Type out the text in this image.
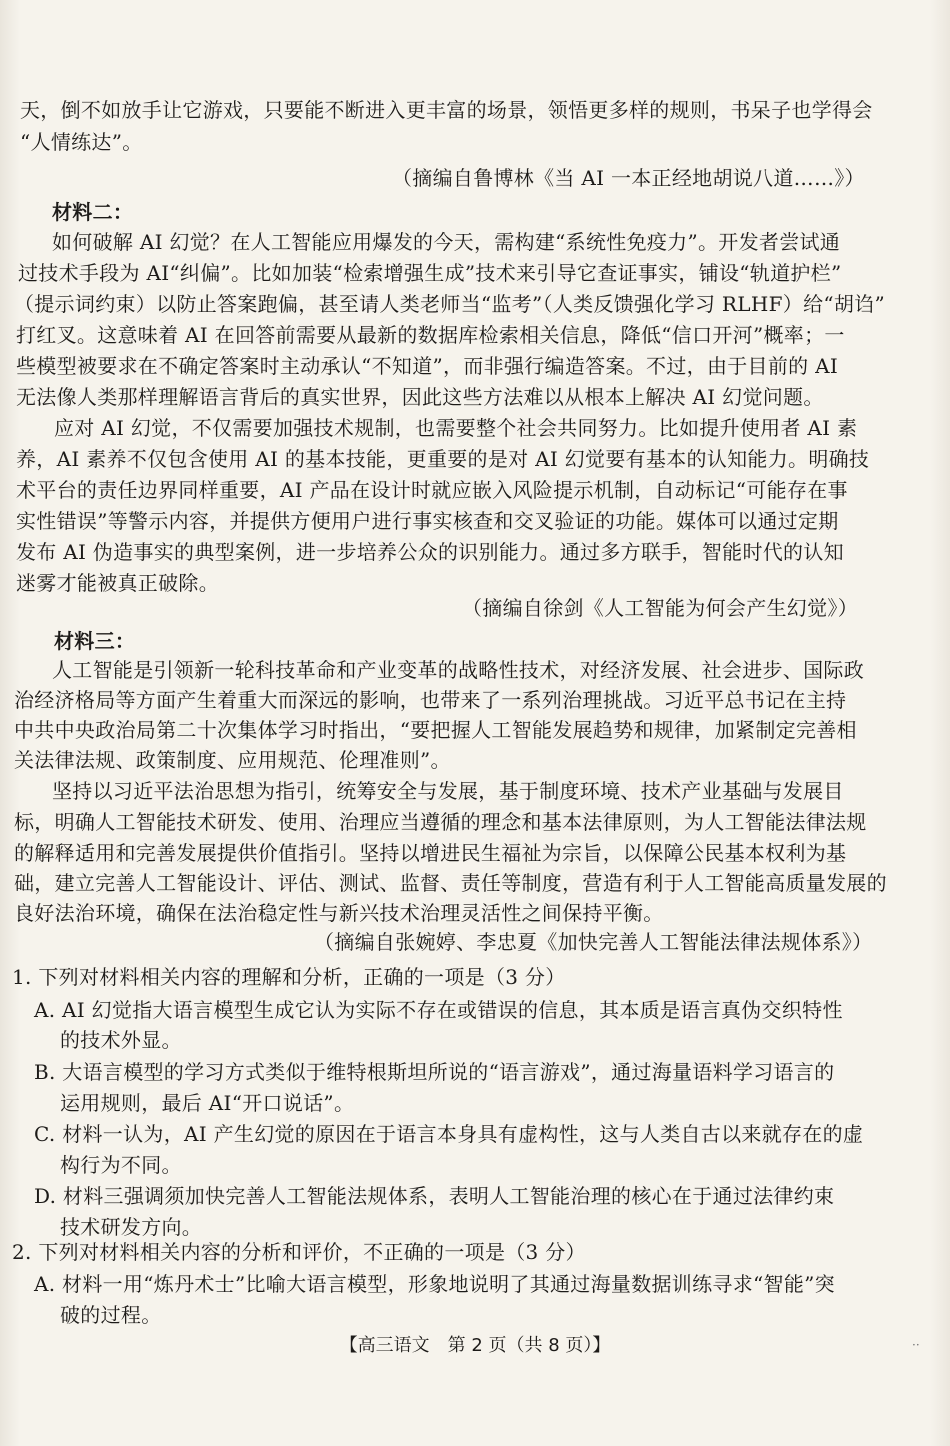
天，倒不如放手让它游戏，只要能不断进入更丰富的场景，领悟更多样的规则，书呆子也学得会
“人情练达”。
（摘编自鲁博林《当 AI 一本正经地胡说八道……》）
材料二：
如何破解 AI 幻觉？在人工智能应用爆发的今天，需构建“系统性免疫力”。开发者尝试通
过技术手段为 AI“纠偏”。比如加装“检索增强生成”技术来引导它查证事实，铺设“轨道护栏”
（提示词约束）以防止答案跑偏，甚至请人类老师当“监考”（人类反馈强化学习 RLHF）给“胡诌”
打红叉。这意味着 AI 在回答前需要从最新的数据库检索相关信息，降低“信口开河”概率；一
些模型被要求在不确定答案时主动承认“不知道”，而非强行编造答案。不过，由于目前的 AI
无法像人类那样理解语言背后的真实世界，因此这些方法难以从根本上解决 AI 幻觉问题。
应对 AI 幻觉，不仅需要加强技术规制，也需要整个社会共同努力。比如提升使用者 AI 素
养，AI 素养不仅包含使用 AI 的基本技能，更重要的是对 AI 幻觉要有基本的认知能力。明确技
术平台的责任边界同样重要，AI 产品在设计时就应嵌入风险提示机制，自动标记“可能存在事
实性错误”等警示内容，并提供方便用户进行事实核查和交叉验证的功能。媒体可以通过定期
发布 AI 伪造事实的典型案例，进一步培养公众的识别能力。通过多方联手，智能时代的认知
迷雾才能被真正破除。
（摘编自徐剑《人工智能为何会产生幻觉》）
材料三：
人工智能是引领新一轮科技革命和产业变革的战略性技术，对经济发展、社会进步、国际政
治经济格局等方面产生着重大而深远的影响，也带来了一系列治理挑战。习近平总书记在主持
中共中央政治局第二十次集体学习时指出，“要把握人工智能发展趋势和规律，加紧制定完善相
关法律法规、政策制度、应用规范、伦理准则”。
坚持以习近平法治思想为指引，统筹安全与发展，基于制度环境、技术产业基础与发展目
标，明确人工智能技术研发、使用、治理应当遵循的理念和基本法律原则，为人工智能法律法规
的解释适用和完善发展提供价值指引。坚持以增进民生福祉为宗旨，以保障公民基本权利为基
础，建立完善人工智能设计、评估、测试、监督、责任等制度，营造有利于人工智能高质量发展的
良好法治环境，确保在法治稳定性与新兴技术治理灵活性之间保持平衡。
（摘编自张婉婷、李忠夏《加快完善人工智能法律法规体系》）
1. 下列对材料相关内容的理解和分析，正确的一项是（3 分）
A. AI 幻觉指大语言模型生成它认为实际不存在或错误的信息，其本质是语言真伪交织特性
的技术外显。
B. 大语言模型的学习方式类似于维特根斯坦所说的“语言游戏”，通过海量语料学习语言的
运用规则，最后 AI“开口说话”。
C. 材料一认为，AI 产生幻觉的原因在于语言本身具有虚构性，这与人类自古以来就存在的虚
构行为不同。
D. 材料三强调须加快完善人工智能法规体系，表明人工智能治理的核心在于通过法律约束
技术研发方向。
2. 下列对材料相关内容的分析和评价，不正确的一项是（3 分）
A. 材料一用“炼丹术士”比喻大语言模型，形象地说明了其通过海量数据训练寻求“智能”突
破的过程。
【高三语文　第 2 页（共 8 页）】	··
